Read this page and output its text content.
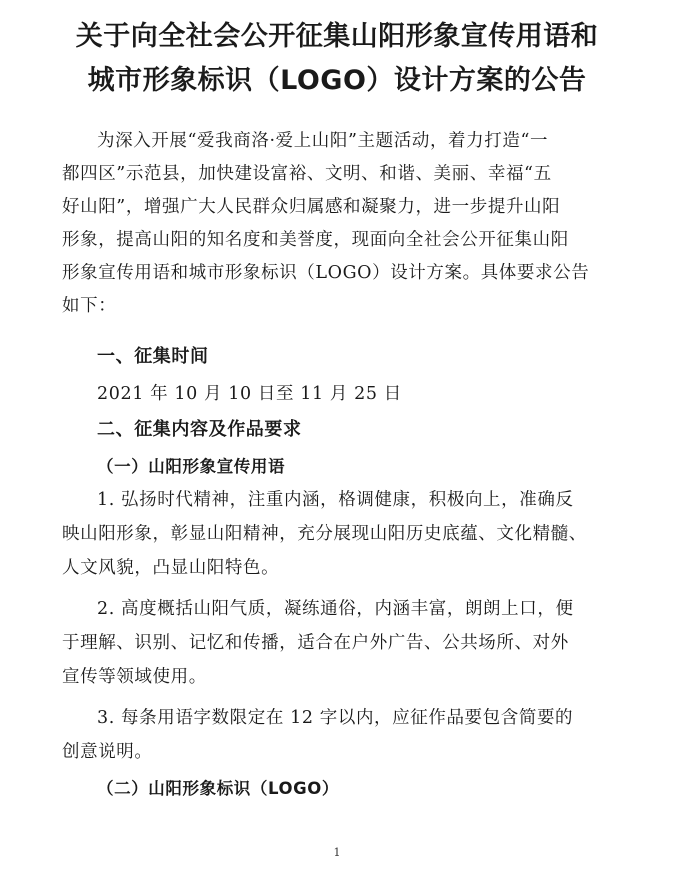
关于向全社会公开征集山阳形象宣传用语和
城市形象标识（LOGO）设计方案的公告
为深入开展“爱我商洛·爱上山阳”主题活动，着力打造“一
都四区”示范县，加快建设富裕、文明、和谐、美丽、幸福“五
好山阳”，增强广大人民群众归属感和凝聚力，进一步提升山阳
形象，提高山阳的知名度和美誉度，现面向全社会公开征集山阳
形象宣传用语和城市形象标识（LOGO）设计方案。具体要求公告
如下：
一、征集时间
2021 年 10 月 10 日至 11 月 25 日
二、征集内容及作品要求
（一）山阳形象宣传用语
1. 弘扬时代精神，注重内涵，格调健康，积极向上，准确反
映山阳形象，彰显山阳精神，充分展现山阳历史底蕴、文化精髓、
人文风貌，凸显山阳特色。
2. 高度概括山阳气质，凝练通俗，内涵丰富，朗朗上口，便
于理解、识别、记忆和传播，适合在户外广告、公共场所、对外
宣传等领域使用。
3. 每条用语字数限定在 12 字以内，应征作品要包含简要的
创意说明。
（二）山阳形象标识（LOGO）
1
